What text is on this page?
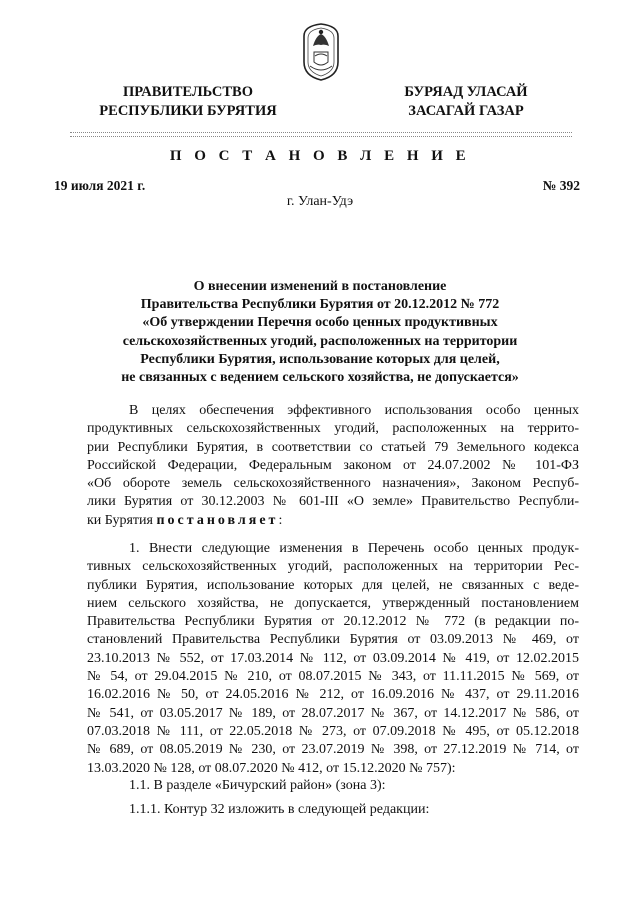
ПРАВИТЕЛЬСТВО
РЕСПУБЛИКИ БУРЯТИЯ
БУРЯАД УЛАСАЙ
ЗАСАГАЙ ГАЗАР
П О С Т А Н О В Л Е Н И Е
19 июля 2021 г.	№ 392
г. Улан-Удэ
О внесении изменений в постановление
Правительства Республики Бурятия от 20.12.2012 № 772
«Об утверждении Перечня особо ценных продуктивных
сельскохозяйственных угодий, расположенных на территории
Республики Бурятия, использование которых для целей,
не связанных с ведением сельского хозяйства, не допускается»
В целях обеспечения эффективного использования особо ценных
продуктивных сельскохозяйственных угодий, расположенных на террито-
рии Республики Бурятия, в соответствии со статьей 79 Земельного кодекса
Российской Федерации, Федеральным законом от 24.07.2002 № 101-ФЗ
«Об обороте земель сельскохозяйственного назначения», Законом Респуб-
лики Бурятия от 30.12.2003 № 601-III «О земле» Правительство Республи-
ки Бурятия постановляет:
1. Внести следующие изменения в Перечень особо ценных продук-
тивных сельскохозяйственных угодий, расположенных на территории Рес-
публики Бурятия, использование которых для целей, не связанных с веде-
нием сельского хозяйства, не допускается, утвержденный постановлением
Правительства Республики Бурятия от 20.12.2012 № 772 (в редакции по-
становлений Правительства Республики Бурятия от 03.09.2013 № 469, от
23.10.2013 № 552, от 17.03.2014 № 112, от 03.09.2014 № 419, от 12.02.2015
№ 54, от 29.04.2015 № 210, от 08.07.2015 № 343, от 11.11.2015 № 569, от
16.02.2016 № 50, от 24.05.2016 № 212, от 16.09.2016 № 437, от 29.11.2016
№ 541, от 03.05.2017 № 189, от 28.07.2017 № 367, от 14.12.2017 № 586, от
07.03.2018 № 111, от 22.05.2018 № 273, от 07.09.2018 № 495, от 05.12.2018
№ 689, от 08.05.2019 № 230, от 23.07.2019 № 398, от 27.12.2019 № 714, от
13.03.2020 № 128, от 08.07.2020 № 412, от 15.12.2020 № 757):
1.1. В разделе «Бичурский район» (зона 3):
1.1.1. Контур 32 изложить в следующей редакции:
